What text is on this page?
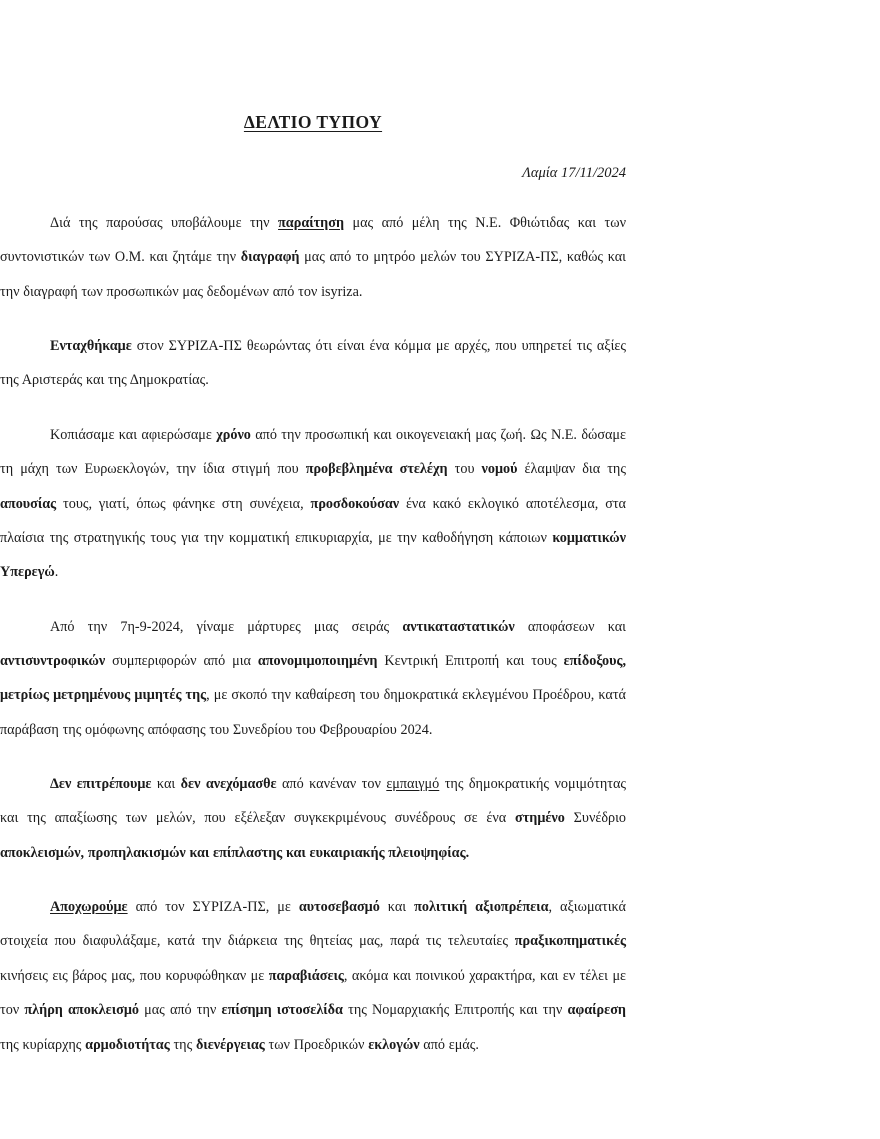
ΔΕΛΤΙΟ ΤΥΠΟΥ
Λαμία 17/11/2024

Διά της παρούσας υποβάλουμε την παραίτηση μας από μέλη της Ν.Ε. Φθιώτιδας και των συντονιστικών των Ο.Μ. και ζητάμε την διαγραφή μας από το μητρόο μελών του ΣΥΡΙΖΑ-ΠΣ, καθώς και την διαγραφή των προσωπικών μας δεδομένων από τον isyriza.

Ενταχθήκαμε στον ΣΥΡΙΖΑ-ΠΣ θεωρώντας ότι είναι ένα κόμμα με αρχές, που υπηρετεί τις αξίες της Αριστεράς και της Δημοκρατίας.

Κοπιάσαμε και αφιερώσαμε χρόνο από την προσωπική και οικογενειακή μας ζωή. Ως Ν.Ε. δώσαμε τη μάχη των Ευρωεκλογών, την ίδια στιγμή που προβεβλημένα στελέχη του νομού έλαμψαν δια της απουσίας τους, γιατί, όπως φάνηκε στη συνέχεια, προσδοκούσαν ένα κακό εκλογικό αποτέλεσμα, στα πλαίσια της στρατηγικής τους για την κομματική επικυριαρχία, με την καθοδήγηση κάποιων κομματικών Υπερεγώ.

Από την 7η-9-2024, γίναμε μάρτυρες μιας σειράς αντικαταστατικών αποφάσεων και αντισυντροφικών συμπεριφορών από μια απονομιμοποιημένη Κεντρική Επιτροπή και τους επίδοξους, μετρίως μετρημένους μιμητές της, με σκοπό την καθαίρεση του δημοκρατικά εκλεγμένου Προέδρου, κατά παράβαση της ομόφωνης απόφασης του Συνεδρίου του Φεβρουαρίου 2024.

Δεν επιτρέπουμε και δεν ανεχόμασθε από κανέναν τον εμπαιγμό της δημοκρατικής νομιμότητας και της απαξίωσης των μελών, που εξέλεξαν συγκεκριμένους συνέδρους σε ένα στημένο Συνέδριο αποκλεισμών, προπηλακισμών και επίπλαστης και ευκαιριακής πλειοψηφίας.

Αποχωρούμε από τον ΣΥΡΙΖΑ-ΠΣ, με αυτοσεβασμό και πολιτική αξιοπρέπεια, αξιωματικά στοιχεία που διαφυλάξαμε, κατά την διάρκεια της θητείας μας, παρά τις τελευταίες πραξικοπηματικές κινήσεις εις βάρος μας, που κορυφώθηκαν με παραβιάσεις, ακόμα και ποινικού χαρακτήρα, και εν τέλει με τον πλήρη αποκλεισμό μας από την επίσημη ιστοσελίδα της Νομαρχιακής Επιτροπής και την αφαίρεση της κυρίαρχης αρμοδιοτήτας της διενέργειας των Προεδρικών εκλογών από εμάς.
